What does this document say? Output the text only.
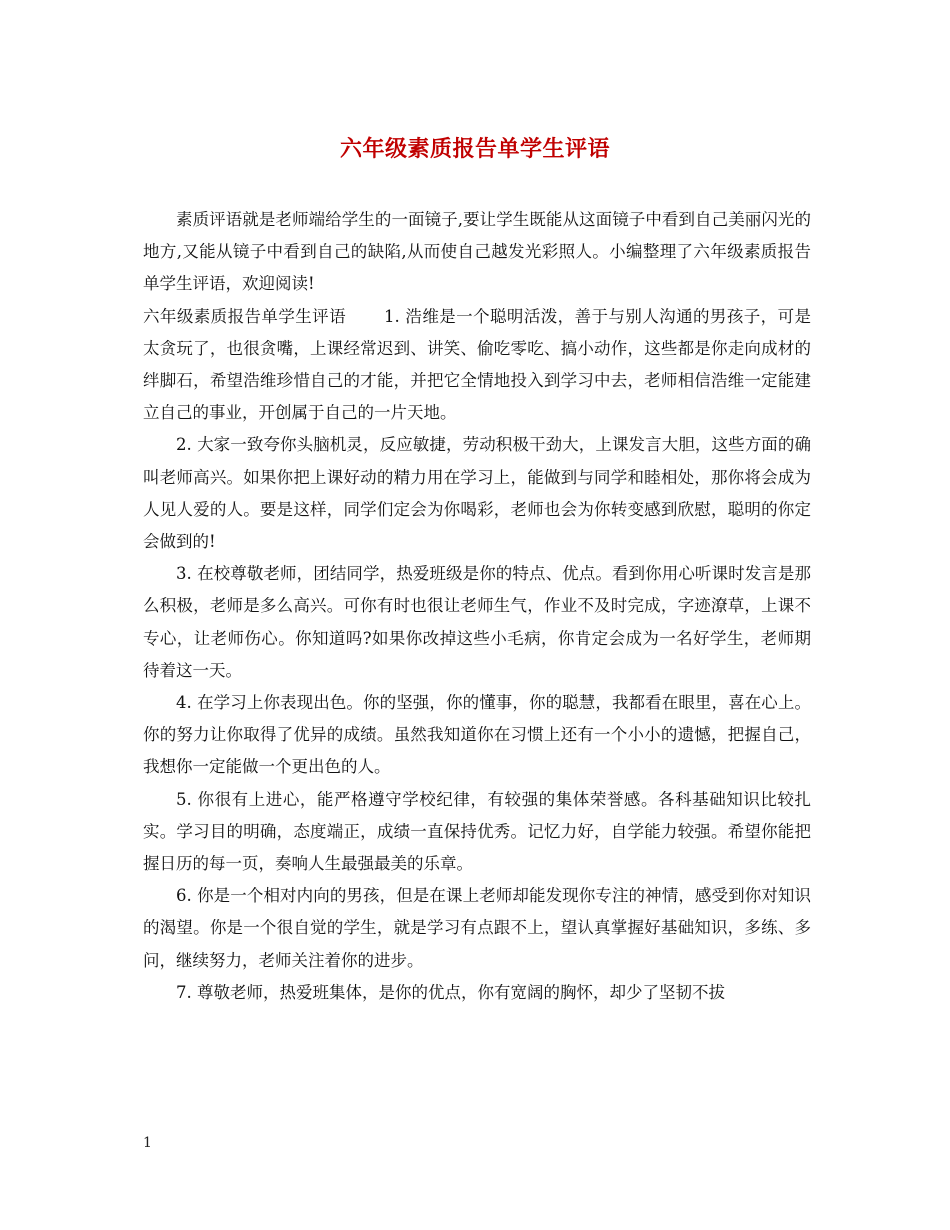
六年级素质报告单学生评语

素质评语就是老师端给学生的一面镜子,要让学生既能从这面镜子中看到自己美丽闪光的地方,又能从镜子中看到自己的缺陷,从而使自己越发光彩照人。小编整理了六年级素质报告单学生评语，欢迎阅读!

六年级素质报告单学生评语 1. 浩维是一个聪明活泼，善于与别人沟通的男孩子，可是太贪玩了，也很贪嘴，上课经常迟到、讲笑、偷吃零吃、搞小动作，这些都是你走向成材的绊脚石，希望浩维珍惜自己的才能，并把它全情地投入到学习中去，老师相信浩维一定能建立自己的事业，开创属于自己的一片天地。

2. 大家一致夸你头脑机灵，反应敏捷，劳动积极干劲大，上课发言大胆，这些方面的确叫老师高兴。如果你把上课好动的精力用在学习上，能做到与同学和睦相处，那你将会成为人见人爱的人。要是这样，同学们定会为你喝彩，老师也会为你转变感到欣慰，聪明的你定会做到的!

3. 在校尊敬老师，团结同学，热爱班级是你的特点、优点。看到你用心听课时发言是那么积极，老师是多么高兴。可你有时也很让老师生气，作业不及时完成，字迹潦草，上课不专心，让老师伤心。你知道吗?如果你改掉这些小毛病，你肯定会成为一名好学生，老师期待着这一天。

4. 在学习上你表现出色。你的坚强，你的懂事，你的聪慧，我都看在眼里，喜在心上。你的努力让你取得了优异的成绩。虽然我知道你在习惯上还有一个小小的遗憾，把握自己，我想你一定能做一个更出色的人。

5. 你很有上进心，能严格遵守学校纪律，有较强的集体荣誉感。各科基础知识比较扎实。学习目的明确，态度端正，成绩一直保持优秀。记忆力好，自学能力较强。希望你能把握日历的每一页，奏响人生最强最美的乐章。

6. 你是一个相对内向的男孩，但是在课上老师却能发现你专注的神情，感受到你对知识的渴望。你是一个很自觉的学生，就是学习有点跟不上，望认真掌握好基础知识，多练、多问，继续努力，老师关注着你的进步。

7. 尊敬老师，热爱班集体，是你的优点，你有宽阔的胸怀，却少了坚韧不拔

1
